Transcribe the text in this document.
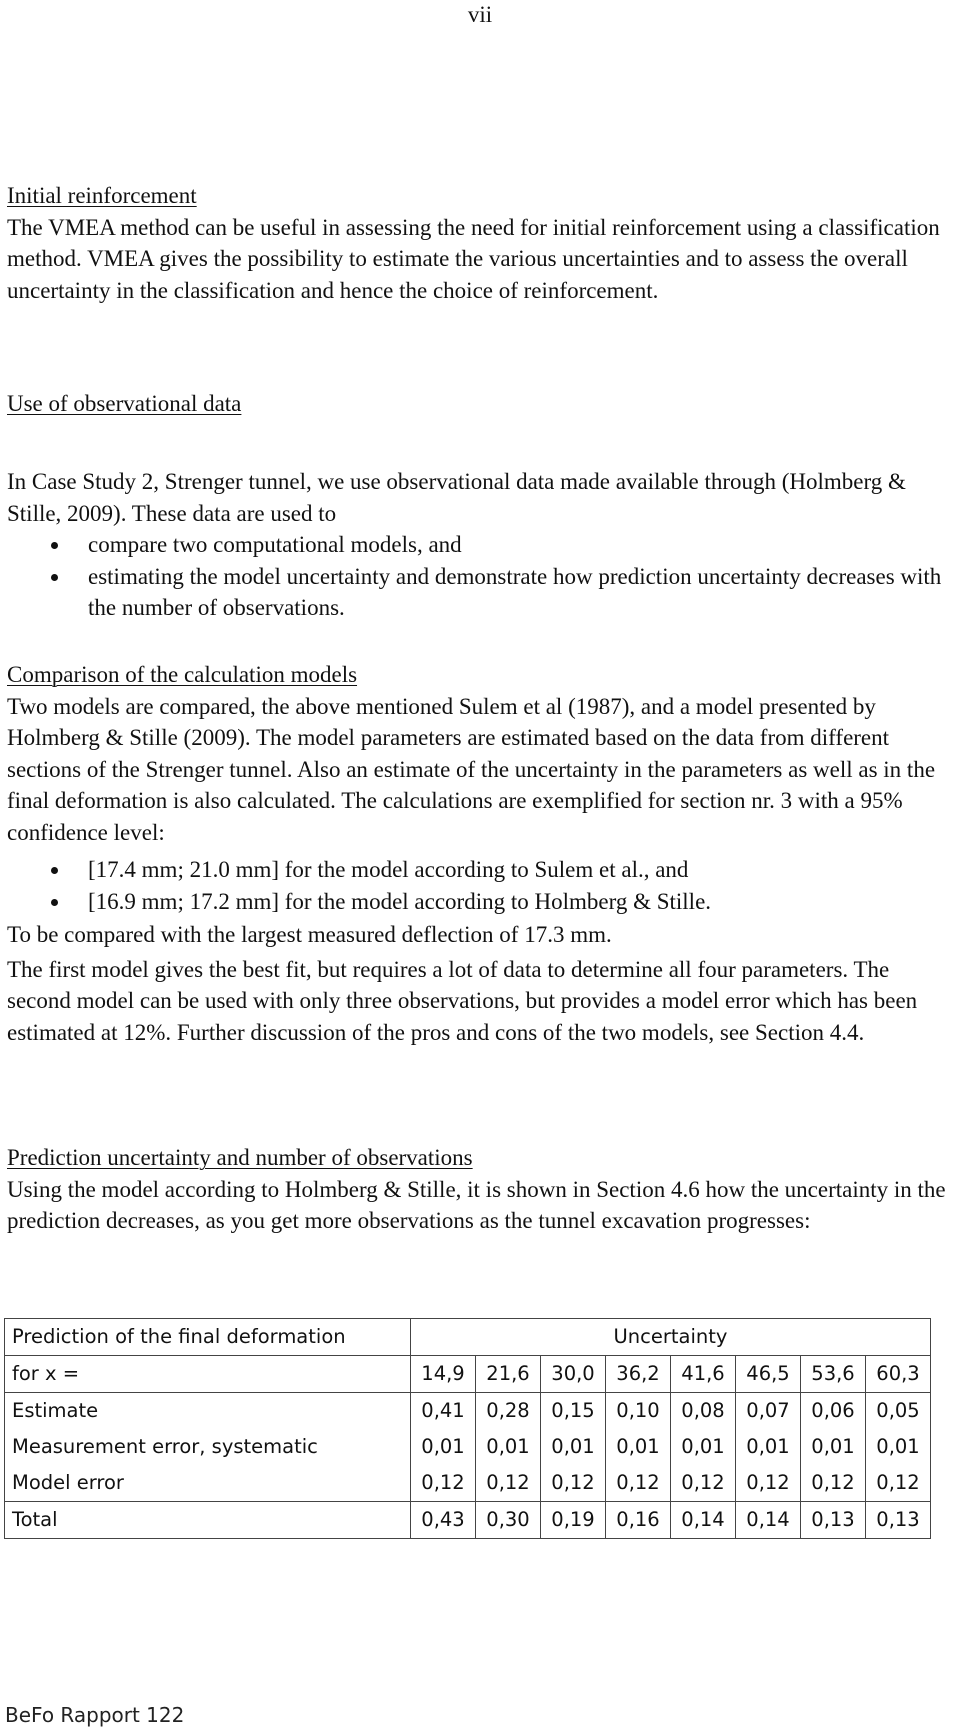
vii

Initial reinforcement

The VMEA method can be useful in assessing the need for initial reinforcement using a classification method. VMEA gives the possibility to estimate the various uncertainties and to assess the overall uncertainty in the classification and hence the choice of reinforcement.

Use of observational data

In Case Study 2, Strenger tunnel, we use observational data made available through (Holmberg & Stille, 2009). These data are used to

compare two computational models, and
estimating the model uncertainty and demonstrate how prediction uncertainty decreases with the number of observations.

Comparison of the calculation models

Two models are compared, the above mentioned Sulem et al (1987), and a model presented by Holmberg & Stille (2009). The model parameters are estimated based on the data from different sections of the Strenger tunnel. Also an estimate of the uncertainty in the parameters as well as in the final deformation is also calculated. The calculations are exemplified for section nr. 3 with a 95% confidence level:

[17.4 mm; 21.0 mm] for the model according to Sulem et al., and
[16.9 mm; 17.2 mm] for the model according to Holmberg & Stille.

To be compared with the largest measured deflection of 17.3 mm.

The first model gives the best fit, but requires a lot of data to determine all four parameters. The second model can be used with only three observations, but provides a model error which has been estimated at 12%. Further discussion of the pros and cons of the two models, see Section 4.4.

Prediction uncertainty and number of observations

Using the model according to Holmberg & Stille, it is shown in Section 4.6 how the uncertainty in the prediction decreases, as you get more observations as the tunnel excavation progresses:

Prediction of the final deformation	Uncertainty							
for x =	14,9	21,6	30,0	36,2	41,6	46,5	53,6	60,3
Estimate	0,41	0,28	0,15	0,10	0,08	0,07	0,06	0,05
Measurement error, systematic	0,01	0,01	0,01	0,01	0,01	0,01	0,01	0,01
Model error	0,12	0,12	0,12	0,12	0,12	0,12	0,12	0,12
Total	0,43	0,30	0,19	0,16	0,14	0,14	0,13	0,13
BeFo Rapport 122
